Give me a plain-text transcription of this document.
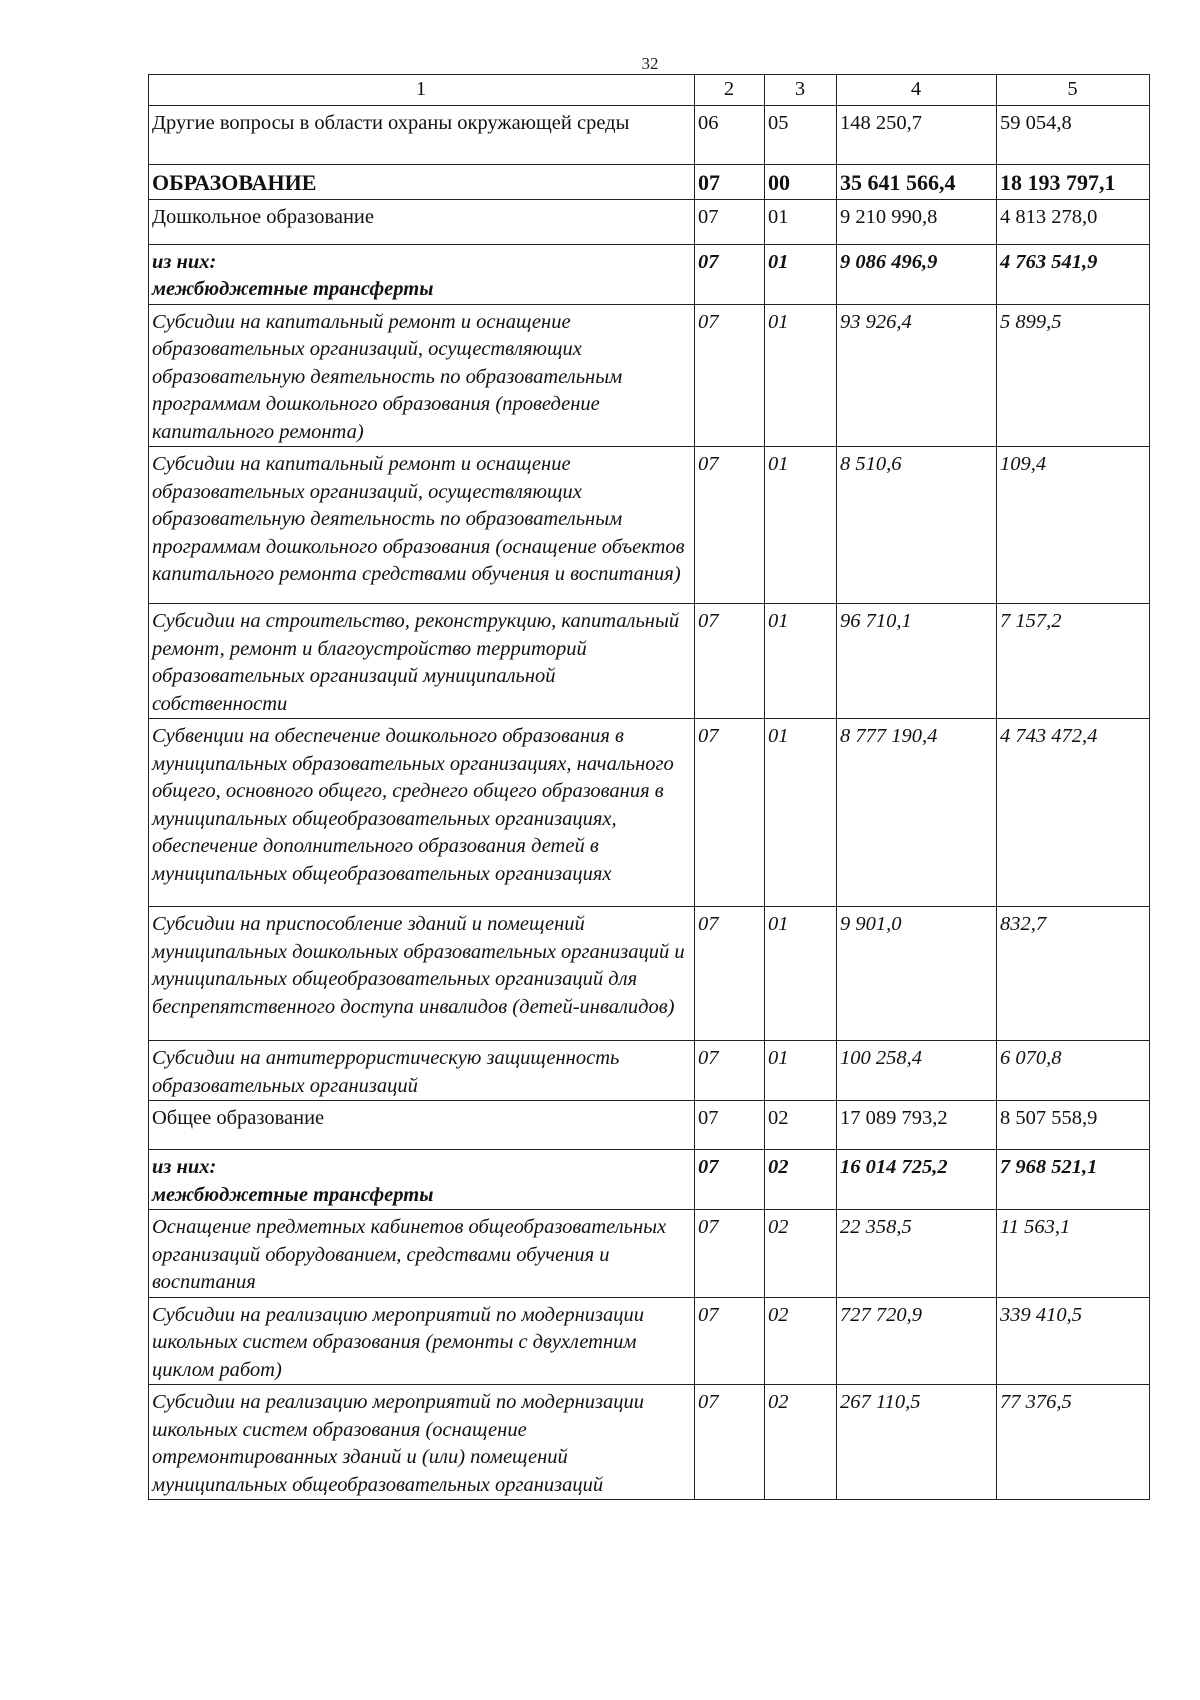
32
1	2	3	4	5
Другие вопросы в области охраны окружающей среды	06	05	148 250,7	59 054,8
ОБРАЗОВАНИЕ	07	00	35 641 566,4	18 193 797,1
Дошкольное образование	07	01	9 210 990,8	4 813 278,0

из них:
межбюджетные трансферты	07	01	9 086 496,9	4 763 541,9
Субсидии на капитальный ремонт и оснащение образовательных организаций, осуществляющих образовательную деятельность по образовательным программам дошкольного образования (проведение капитального ремонта)	07	01	93 926,4	5 899,5
Субсидии на капитальный ремонт и оснащение образовательных организаций, осуществляющих образовательную деятельность по образовательным программам дошкольного образования (оснащение объектов капитального ремонта средствами обучения и воспитания)	07	01	8 510,6	109,4
Субсидии на строительство, реконструкцию, капитальный ремонт, ремонт и благоустройство территорий образовательных организаций муниципальной собственности	07	01	96 710,1	7 157,2
Субвенции на обеспечение дошкольного образования в муниципальных образовательных организациях, начального общего, основного общего, среднего общего образования в муниципальных общеобразовательных организациях, обеспечение дополнительного образования детей в муниципальных общеобразовательных организациях	07	01	8 777 190,4	4 743 472,4
Субсидии на приспособление зданий и помещений муниципальных дошкольных образовательных организаций и муниципальных общеобразовательных организаций для беспрепятственного доступа инвалидов (детей-инвалидов)	07	01	9 901,0	832,7
Субсидии на антитеррористическую защищенность образовательных организаций	07	01	100 258,4	6 070,8
Общее образование	07	02	17 089 793,2	8 507 558,9

из них:
межбюджетные трансферты	07	02	16 014 725,2	7 968 521,1
Оснащение предметных кабинетов общеобразовательных организаций оборудованием, средствами обучения и воспитания	07	02	22 358,5	11 563,1
Субсидии на реализацию мероприятий по модернизации школьных систем образования (ремонты с двухлетним циклом работ)	07	02	727 720,9	339 410,5
Субсидии на реализацию мероприятий по модернизации школьных систем образования (оснащение отремонтированных зданий и (или) помещений муниципальных общеобразовательных организаций	07	02	267 110,5	77 376,5
